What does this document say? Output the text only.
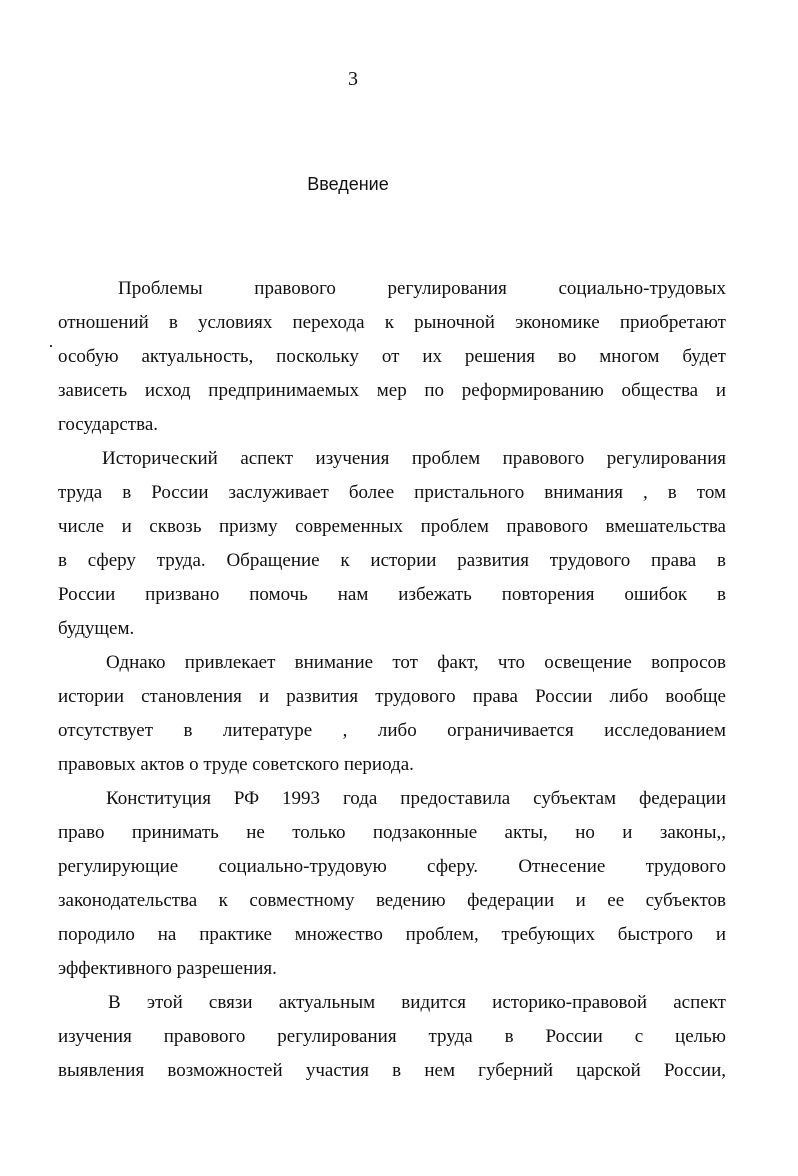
3
Введение
Проблемы правового регулирования социально-трудовых
отношений в условиях перехода к рыночной экономике приобретают
особую актуальность, поскольку от их решения во многом будет
зависеть исход предпринимаемых мер по реформированию общества и
государства.
Исторический аспект изучения проблем правового регулирования
труда в России заслуживает более пристального внимания , в том
числе и сквозь призму современных проблем правового вмешательства
в сферу труда. Обращение к истории развития трудового права в
России призвано помочь нам избежать повторения ошибок в
будущем.
Однако привлекает внимание тот факт, что освещение вопросов
истории становления и развития трудового права России либо вообще
отсутствует в литературе , либо ограничивается исследованием
правовых актов о труде советского периода.
Конституция РФ 1993 года предоставила субъектам федерации
право принимать не только подзаконные акты, но и законы,,
регулирующие социально-трудовую сферу. Отнесение трудового
законодательства к совместному ведению федерации и ее субъектов
породило на практике множество проблем, требующих быстрого и
эффективного разрешения.
В этой связи актуальным видится историко-правовой аспект
изучения правового регулирования труда в России с целью
выявления возможностей участия в нем губерний царской России,
